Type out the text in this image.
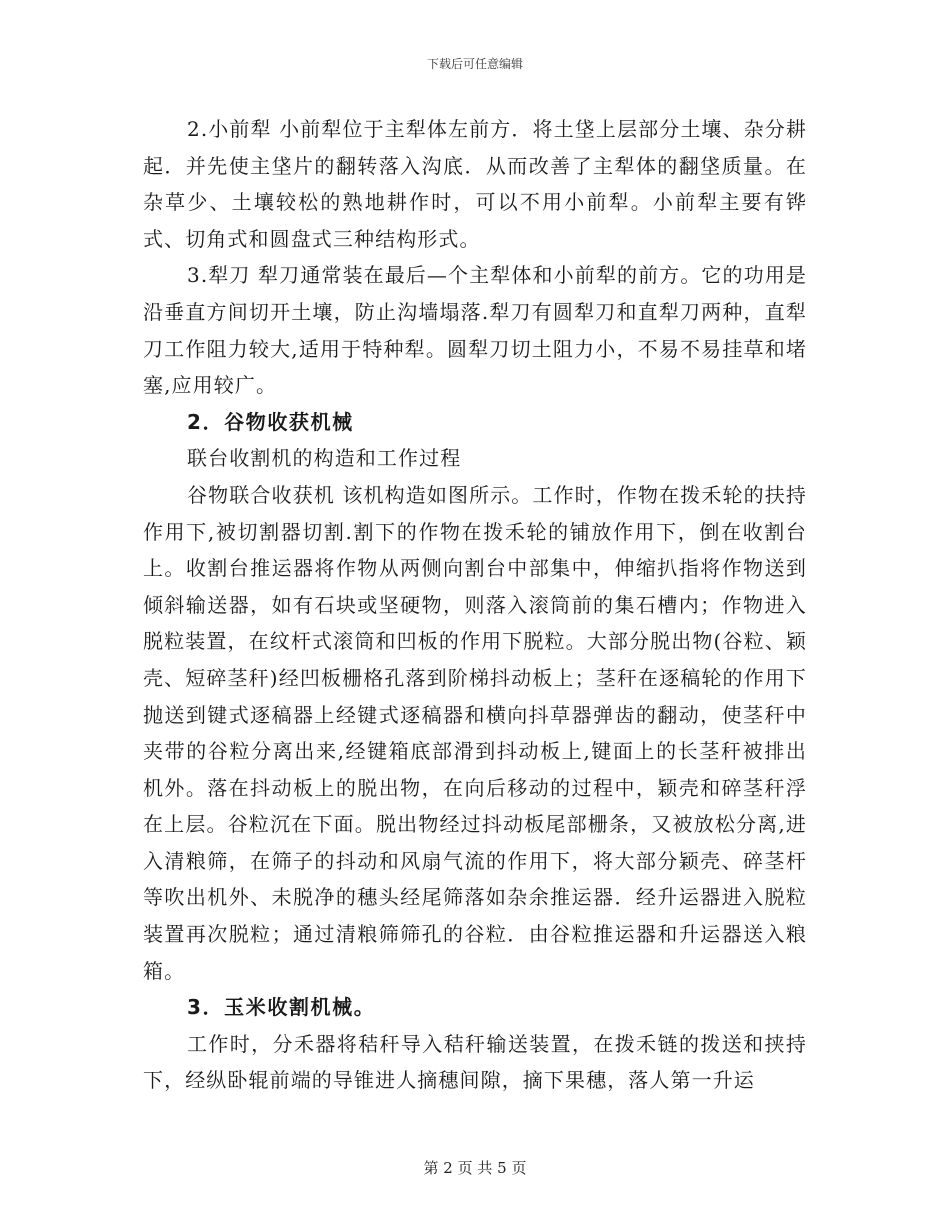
下载后可任意编辑

2.小前犁 小前犁位于主犁体左前方．将土垡上层部分土壤、杂分耕起．并先使主垡片的翻转落入沟底．从而改善了主犁体的翻垡质量。在杂草少、土壤较松的熟地耕作时，可以不用小前犁。小前犁主要有铧式、切角式和圆盘式三种结构形式。

3.犁刀 犁刀通常装在最后—个主犁体和小前犁的前方。它的功用是沿垂直方间切开土壤，防止沟墙塌落.犁刀有圆犁刀和直犁刀两种，直犁刀工作阻力较大,适用于特种犁。圆犁刀切土阻力小，不易不易挂草和堵塞,应用较广。

2．谷物收获机械

联台收割机的构造和工作过程

谷物联合收获机 该机构造如图所示。工作时，作物在拨禾轮的扶持作用下,被切割器切割.割下的作物在拨禾轮的铺放作用下，倒在收割台上。收割台推运器将作物从两侧向割台中部集中，伸缩扒指将作物送到倾斜输送器，如有石块或坚硬物，则落入滚筒前的集石槽内；作物进入脱粒装置，在纹杆式滚筒和凹板的作用下脱粒。大部分脱出物(谷粒、颖壳、短碎茎秆)经凹板栅格孔落到阶梯抖动板上；茎秆在逐稿轮的作用下抛送到键式逐稿器上经键式逐稿器和横向抖草器弹齿的翻动，使茎秆中夹带的谷粒分离出来,经键箱底部滑到抖动板上,键面上的长茎秆被排出机外。落在抖动板上的脱出物，在向后移动的过程中，颖壳和碎茎秆浮在上层。谷粒沉在下面。脱出物经过抖动板尾部栅条，又被放松分离,进入清粮筛，在筛子的抖动和风扇气流的作用下，将大部分颖壳、碎茎杆等吹出机外、未脱净的穗头经尾筛落如杂余推运器．经升运器进入脱粒装置再次脱粒；通过清粮筛筛孔的谷粒．由谷粒推运器和升运器送入粮箱。

3．玉米收割机械。

工作时，分禾器将秸秆导入秸秆输送装置，在拨禾链的拨送和挟持下，经纵卧辊前端的导锥进人摘穗间隙，摘下果穗，落人第一升运

第 2 页 共 5 页
